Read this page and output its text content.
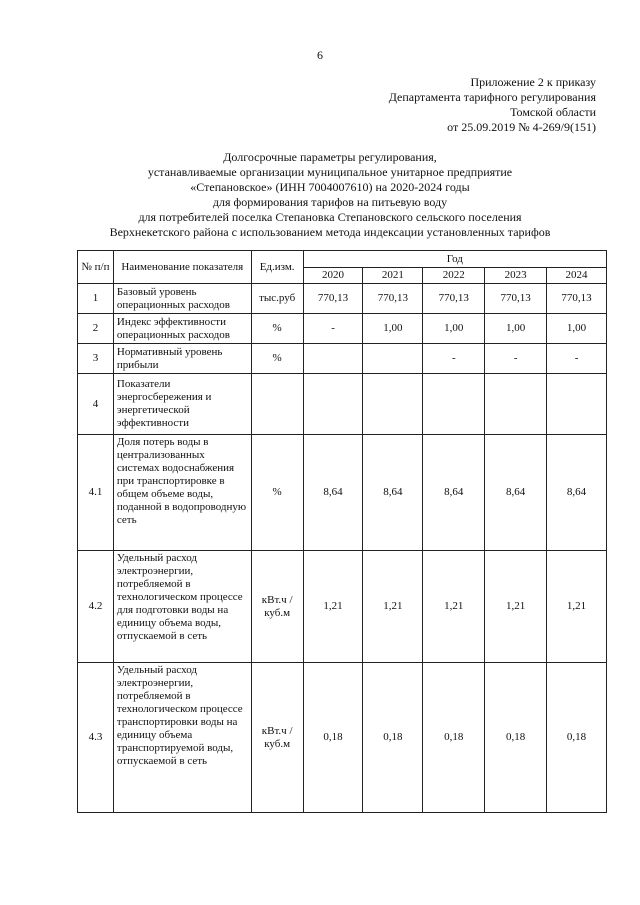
6
Приложение 2 к приказу
Департамента тарифного регулирования
Томской области
от 25.09.2019 № 4-269/9(151)
Долгосрочные параметры регулирования,
устанавливаемые организации муниципальное унитарное предприятие
«Степановское» (ИНН 7004007610) на 2020-2024 годы
для формирования тарифов на питьевую воду
для потребителей поселка Степановка Степановского сельского поселения
Верхнекетского района с использованием метода индексации установленных тарифов
№ п/п	Наименование показателя	Ед.изм.	Год				
			2020	2021	2022	2023	2024
1	Базовый уровень операционных расходов	тыс.руб	770,13	770,13	770,13	770,13	770,13
2	Индекс эффективности операционных расходов	%	-	1,00	1,00	1,00	1,00
3	Нормативный уровень прибыли	%			-	-	-
4	Показатели энергосбережения и энергетической эффективности						
4.1	Доля потерь воды в централизованных системах водоснабжения при транспортировке в общем объеме воды, поданной в водопроводную сеть	%	8,64	8,64	8,64	8,64	8,64
4.2	Удельный расход электроэнергии, потребляемой в технологическом процессе для подготовки воды на единицу объема воды, отпускаемой в сеть	кВт.ч / куб.м	1,21	1,21	1,21	1,21	1,21
4.3	Удельный расход электроэнергии, потребляемой в технологическом процессе транспортировки воды на единицу объема транспортируемой воды, отпускаемой в сеть	кВт.ч / куб.м	0,18	0,18	0,18	0,18	0,18
